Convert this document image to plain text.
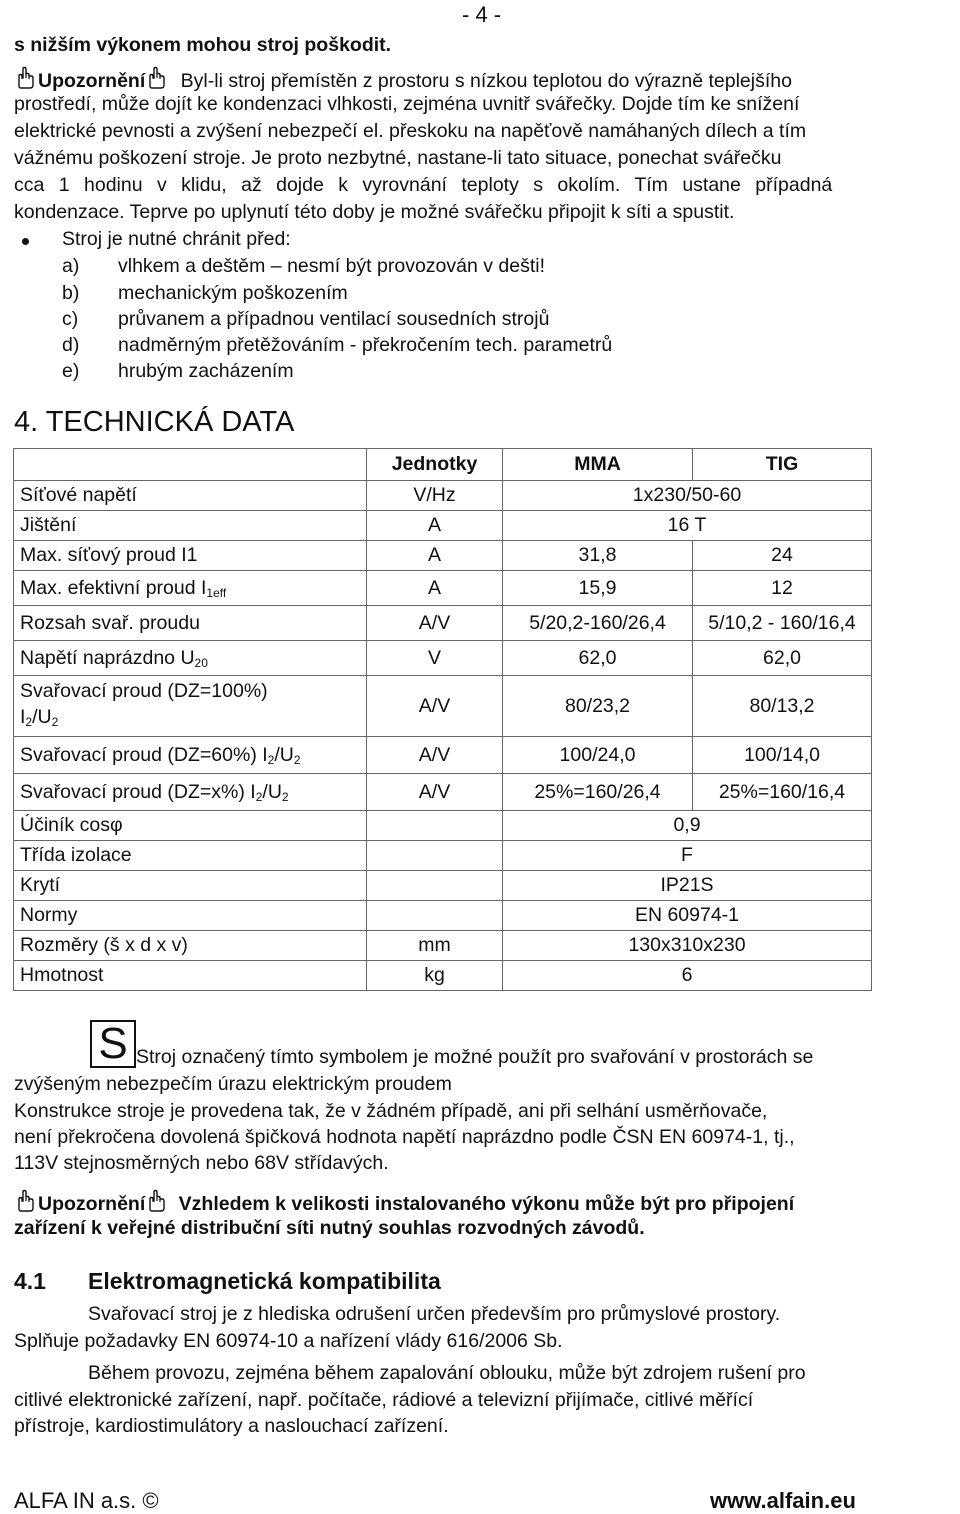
- 4 -
s nižším výkonem mohou stroj poškodit.
Upozornění Byl-li stroj přemístěn z prostoru s nízkou teplotou do výrazně teplejšího
prostředí, může dojít ke kondenzaci vlhkosti, zejména uvnitř svářečky. Dojde tím ke snížení
elektrické pevnosti a zvýšení nebezpečí el. přeskoku na napěťově namáhaných dílech a tím
vážnému poškození stroje. Je proto nezbytné, nastane-li tato situace, ponechat svářečku
cca 1 hodinu v klidu, až dojde k vyrovnání teploty s okolím. Tím ustane případná
kondenzace. Teprve po uplynutí této doby je možné svářečku připojit k síti a spustit.
Stroj je nutné chránit před:
a) vlhkem a deštěm – nesmí být provozován v dešti!
b) mechanickým poškozením
c) průvanem a případnou ventilací sousedních strojů
d) nadměrným přetěžováním - překročením tech. parametrů
e) hrubým zacházením
4. TECHNICKÁ DATA
	Jednotky	MMA	TIG
Síťové napětí	V/Hz	1x230/50-60	
Jištění	A	16 T	
Max. síťový proud I1	A	31,8	24
Max. efektivní proud $I_{1eff}$	A	15,9	12
Rozsah svař. proudu	A/V	5/20,2-160/26,4	5/10,2 - 160/16,4
Napětí naprázdno $U_{20}$	V	62,0	62,0
Svařovací proud (DZ=100%)
$I_2/U_2$	A/V	80/23,2	80/13,2
Svařovací proud (DZ=60%) $I_2/U_2$	A/V	100/24,0	100/14,0
Svařovací proud (DZ=x%) $I_2/U_2$	A/V	25%=160/26,4	25%=160/16,4
Účiník cosφ		0,9	
Třída izolace		F	
Krytí		IP21S	
Normy		EN 60974-1	
Rozměry (š x d x v)	mm	130x310x230	
Hmotnost	kg	6	
S Stroj označený tímto symbolem je možné použít pro svařování v prostorách se
zvýšeným nebezpečím úrazu elektrickým proudem
Konstrukce stroje je provedena tak, že v žádném případě, ani při selhání usměrňovače,
není překročena dovolená špičková hodnota napětí naprázdno podle ČSN EN 60974-1, tj.,
113V stejnosměrných nebo 68V střídavých.
Upozornění Vzhledem k velikosti instalovaného výkonu může být pro připojení
zařízení k veřejné distribuční síti nutný souhlas rozvodných závodů.
4.1 Elektromagnetická kompatibilita
Svařovací stroj je z hlediska odrušení určen především pro průmyslové prostory.
Splňuje požadavky EN 60974-10 a nařízení vlády 616/2006 Sb.
Během provozu, zejména během zapalování oblouku, může být zdrojem rušení pro
citlivé elektronické zařízení, např. počítače, rádiové a televizní přijímače, citlivé měřící
přístroje, kardiostimulátory a naslouchací zařízení.
ALFA IN a.s. ©	www.alfain.eu
